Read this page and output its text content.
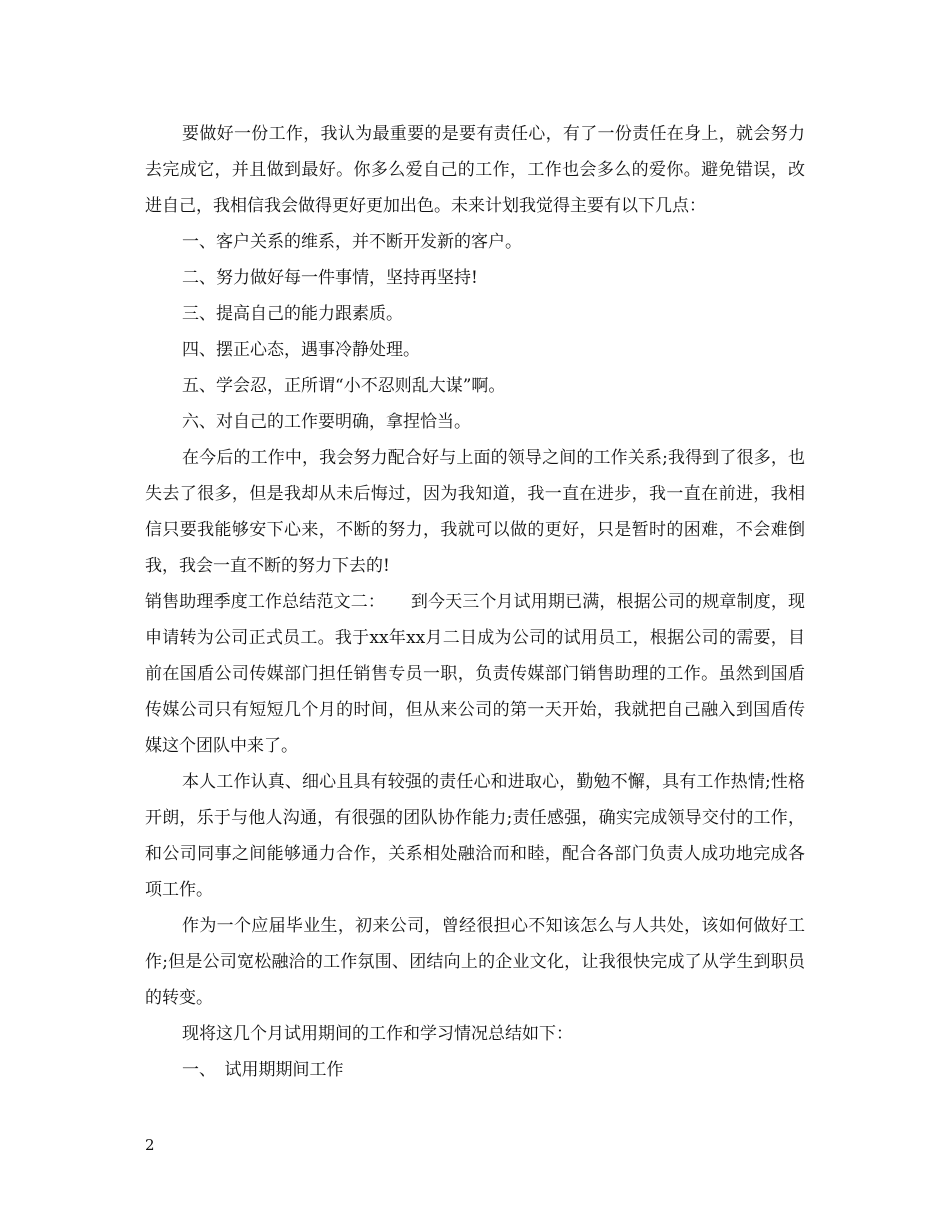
要做好一份工作，我认为最重要的是要有责任心，有了一份责任在身上，就会努力去完成它，并且做到最好。你多么爱自己的工作，工作也会多么的爱你。避免错误，改进自己，我相信我会做得更好更加出色。未来计划我觉得主要有以下几点：

一、客户关系的维系，并不断开发新的客户。

二、努力做好每一件事情，坚持再坚持!

三、提高自己的能力跟素质。

四、摆正心态，遇事冷静处理。

五、学会忍，正所谓“小不忍则乱大谋”啊。

六、对自己的工作要明确，拿捏恰当。

在今后的工作中，我会努力配合好与上面的领导之间的工作关系;我得到了很多，也失去了很多，但是我却从未后悔过，因为我知道，我一直在进步，我一直在前进，我相信只要我能够安下心来，不断的努力，我就可以做的更好，只是暂时的困难，不会难倒我，我会一直不断的努力下去的!

销售助理季度工作总结范文二：　　到今天三个月试用期已满，根据公司的规章制度，现申请转为公司正式员工。我于xx年xx月二日成为公司的试用员工，根据公司的需要，目前在国盾公司传媒部门担任销售专员一职，负责传媒部门销售助理的工作。虽然到国盾传媒公司只有短短几个月的时间，但从来公司的第一天开始，我就把自己融入到国盾传媒这个团队中来了。

本人工作认真、细心且具有较强的责任心和进取心，勤勉不懈，具有工作热情;性格开朗，乐于与他人沟通，有很强的团队协作能力;责任感强，确实完成领导交付的工作，和公司同事之间能够通力合作，关系相处融洽而和睦，配合各部门负责人成功地完成各项工作。

作为一个应届毕业生，初来公司，曾经很担心不知该怎么与人共处，该如何做好工作;但是公司宽松融洽的工作氛围、团结向上的企业文化，让我很快完成了从学生到职员的转变。

现将这几个月试用期间的工作和学习情况总结如下：

一、　试用期期间工作

2
